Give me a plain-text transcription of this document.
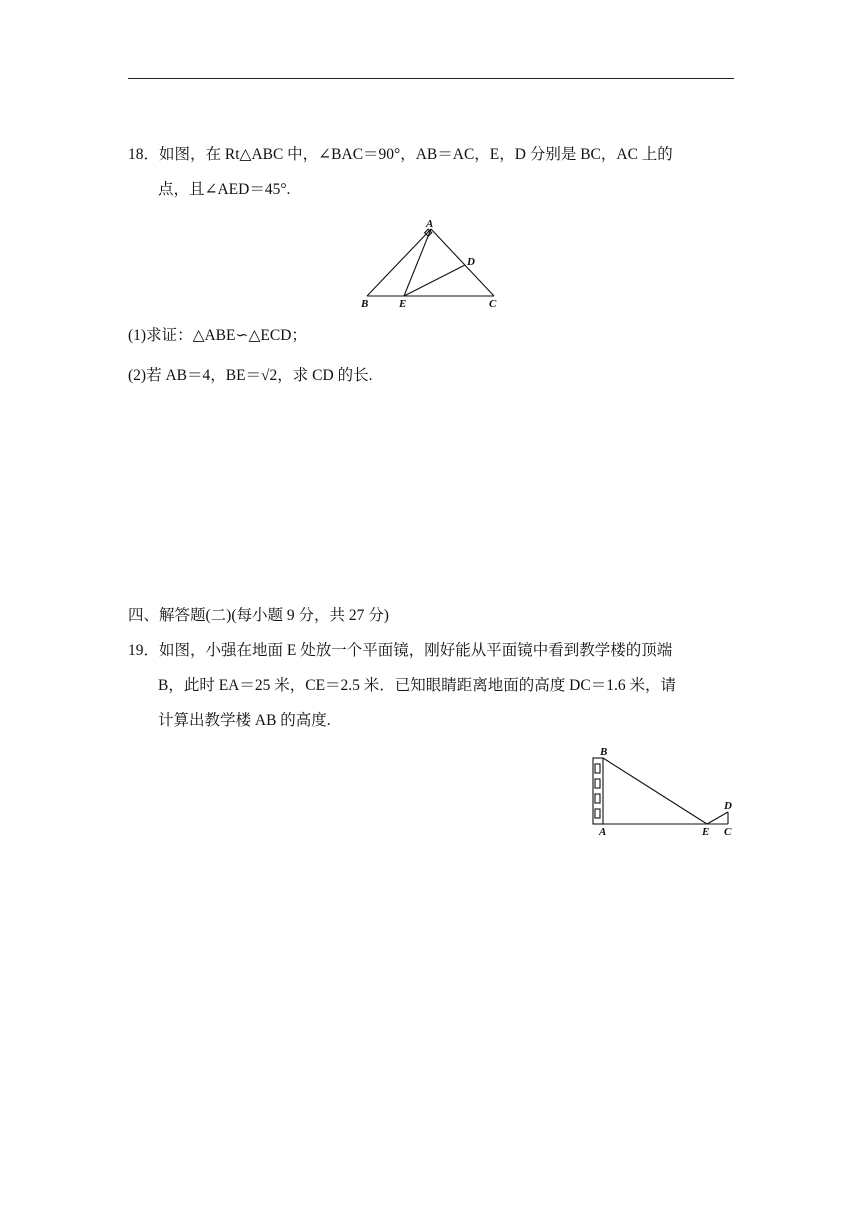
18．如图，在 Rt△ABC 中，∠BAC＝90°，AB＝AC，E，D 分别是 BC，AC 上的
点，且∠AED＝45°.
A
D
B	E	C
(1)求证：△ABE∽△ECD；
(2)若 AB＝4，BE＝√2，求 CD 的长.
四、解答题(二)(每小题 9 分，共 27 分)
19．如图，小强在地面 E 处放一个平面镜，刚好能从平面镜中看到教学楼的顶端
B，此时 EA＝25 米，CE＝2.5 米．已知眼睛距离地面的高度 DC＝1.6 米，请
计算出教学楼 AB 的高度.
B
D
A	E C
